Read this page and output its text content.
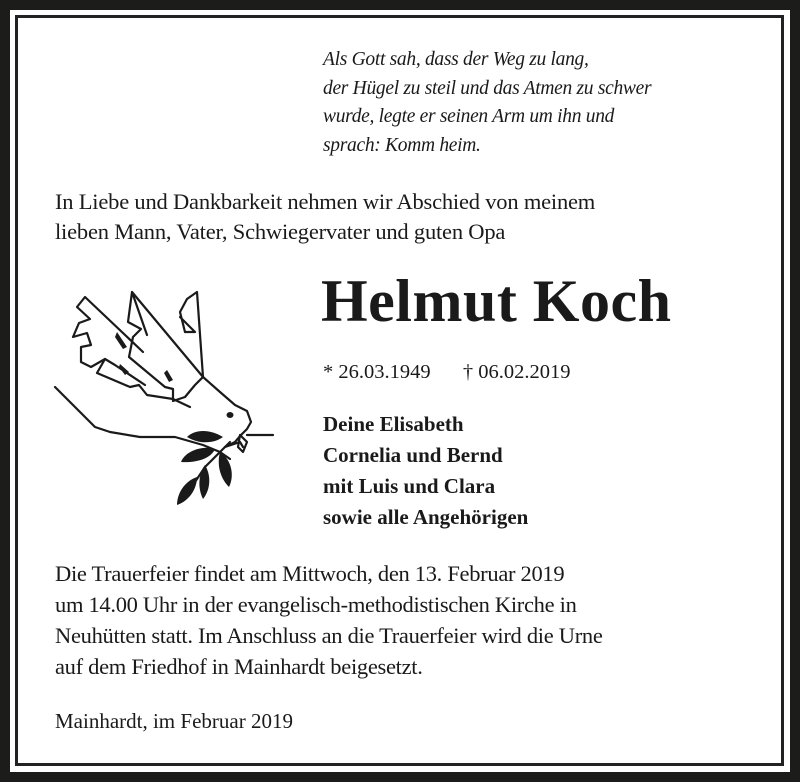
Als Gott sah, dass der Weg zu lang,
der Hügel zu steil und das Atmen zu schwer
wurde, legte er seinen Arm um ihn und
sprach: Komm heim.
In Liebe und Dankbarkeit nehmen wir Abschied von meinem
lieben Mann, Vater, Schwiegervater und guten Opa
Helmut Koch
* 26.03.1949 † 06.02.2019
Deine Elisabeth
Cornelia und Bernd
mit Luis und Clara
sowie alle Angehörigen
Die Trauerfeier findet am Mittwoch, den 13. Februar 2019
um 14.00 Uhr in der evangelisch-methodistischen Kirche in
Neuhütten statt. Im Anschluss an die Trauerfeier wird die Urne
auf dem Friedhof in Mainhardt beigesetzt.
Mainhardt, im Februar 2019
